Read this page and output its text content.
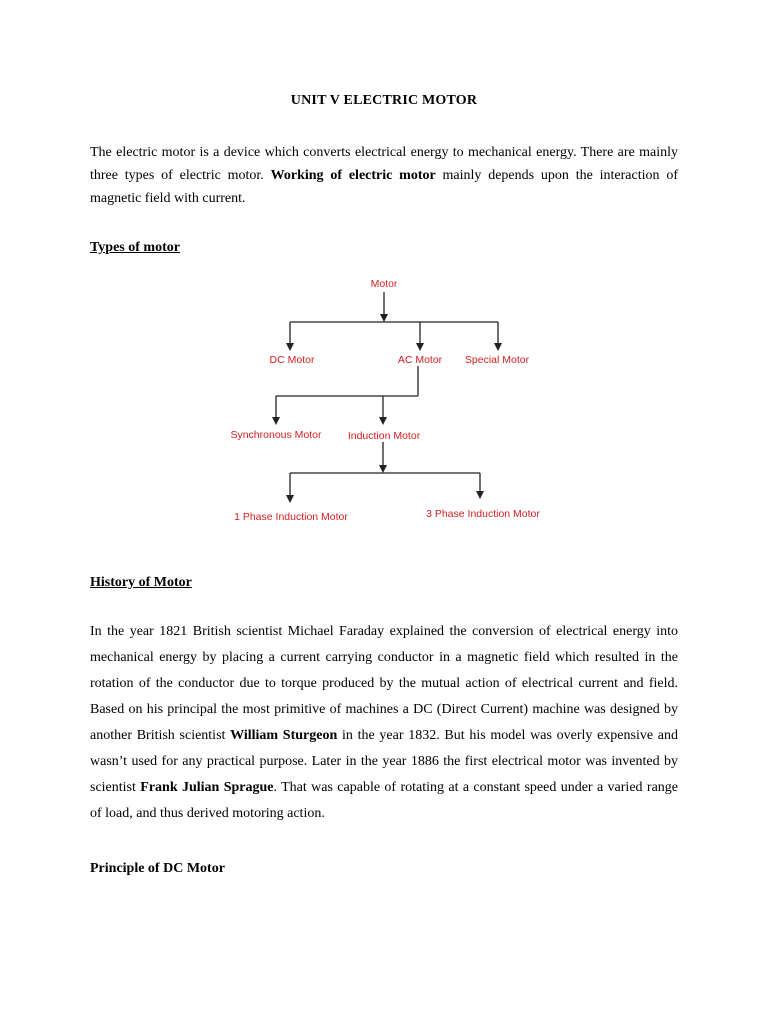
UNIT V ELECTRIC MOTOR

The electric motor is a device which converts electrical energy to mechanical energy. There are mainly three types of electric motor. Working of electric motor mainly depends upon the interaction of magnetic field with current.

Types of motor

Motor
DC Motor	AC Motor Special Motor
Synchronous Motor	Induction Motor
1 Phase Induction Motor	3 Phase Induction Motor

History of Motor

In the year 1821 British scientist Michael Faraday explained the conversion of electrical energy into mechanical energy by placing a current carrying conductor in a magnetic field which resulted in the rotation of the conductor due to torque produced by the mutual action of electrical current and field. Based on his principal the most primitive of machines a DC (Direct Current) machine was designed by another British scientist William Sturgeon in the year 1832. But his model was overly expensive and wasn’t used for any practical purpose. Later in the year 1886 the first electrical motor was invented by scientist Frank Julian Sprague. That was capable of rotating at a constant speed under a varied range of load, and thus derived motoring action.

Principle of DC Motor
